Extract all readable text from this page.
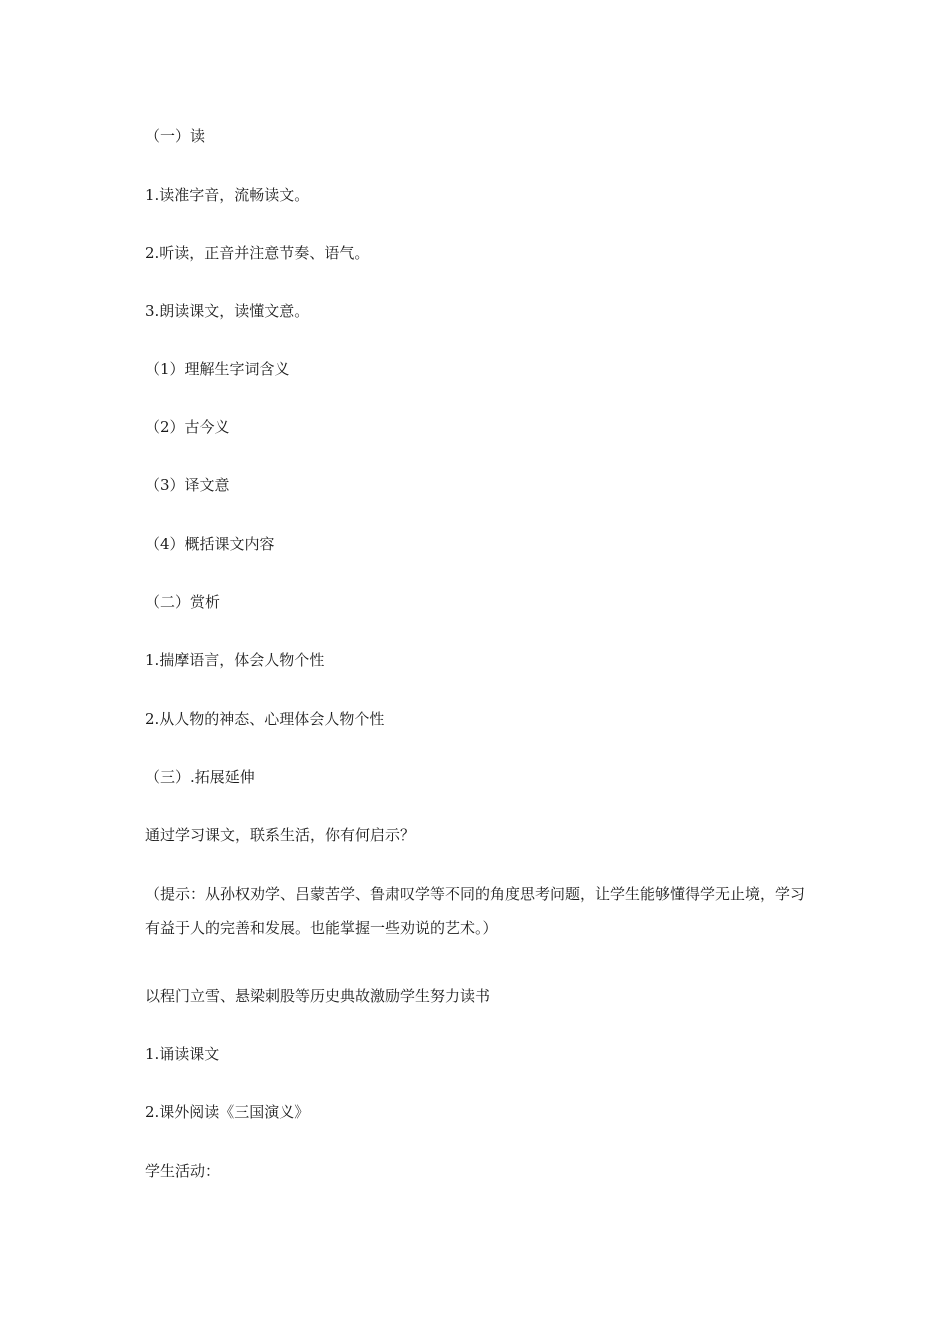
（一）读
1.读准字音，流畅读文。
2.听读，正音并注意节奏、语气。
3.朗读课文，读懂文意。
（1）理解生字词含义
（2）古今义
（3）译文意
（4）概括课文内容
（二）赏析
1.揣摩语言，体会人物个性
2.从人物的神态、心理体会人物个性
（三）.拓展延伸
通过学习课文，联系生活，你有何启示？
（提示：从孙权劝学、吕蒙苦学、鲁肃叹学等不同的角度思考问题，让学生能够懂得学无止境，学习有益于人的完善和发展。也能掌握一些劝说的艺术。）
以程门立雪、悬梁刺股等历史典故激励学生努力读书
1.诵读课文
2.课外阅读《三国演义》
学生活动：
